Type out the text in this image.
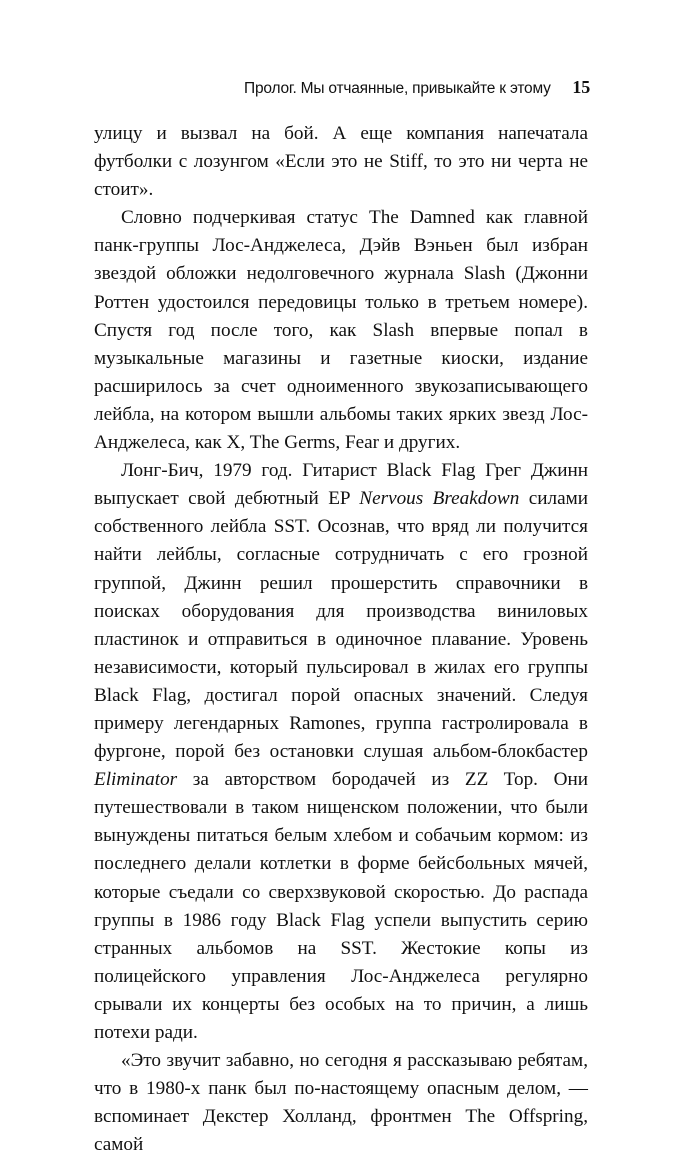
Пролог. Мы отчаянные, привыкайте к этому 15

улицу и вызвал на бой. А еще компания напечатала футболки с лозунгом «Если это не Stiff, то это ни черта не стоит».

Словно подчеркивая статус The Damned как главной панк-группы Лос-Анджелеса, Дэйв Вэньен был избран звездой обложки недолговечного журнала Slash (Джонни Роттен удостоился передовицы только в третьем номере). Спустя год после того, как Slash впервые попал в музыкальные магазины и газетные киоски, издание расширилось за счет одноименного звукозаписывающего лейбла, на котором вышли альбомы таких ярких звезд Лос-Анджелеса, как X, The Germs, Fear и других.

Лонг-Бич, 1979 год. Гитарист Black Flag Грег Джинн выпускает свой дебютный EP Nervous Breakdown силами собственного лейбла SST. Осознав, что вряд ли получится найти лейблы, согласные сотрудничать с его грозной группой, Джинн решил прошерстить справочники в поисках оборудования для производства виниловых пластинок и отправиться в одиночное плавание. Уровень независимости, который пульсировал в жилах его группы Black Flag, достигал порой опасных значений. Следуя примеру легендарных Ramones, группа гастролировала в фургоне, порой без остановки слушая альбом-блокбастер Eliminator за авторством бородачей из ZZ Top. Они путешествовали в таком нищенском положении, что были вынуждены питаться белым хлебом и собачьим кормом: из последнего делали котлетки в форме бейсбольных мячей, которые съедали со сверхзвуковой скоростью. До распада группы в 1986 году Black Flag успели выпустить серию странных альбомов на SST. Жестокие копы из полицейского управления Лос-Анджелеса регулярно срывали их концерты без особых на то причин, а лишь потехи ради.

«Это звучит забавно, но сегодня я рассказываю ребятам, что в 1980-х панк был по-настоящему опасным делом, — вспоминает Декстер Холланд, фронтмен The Offspring, самой
